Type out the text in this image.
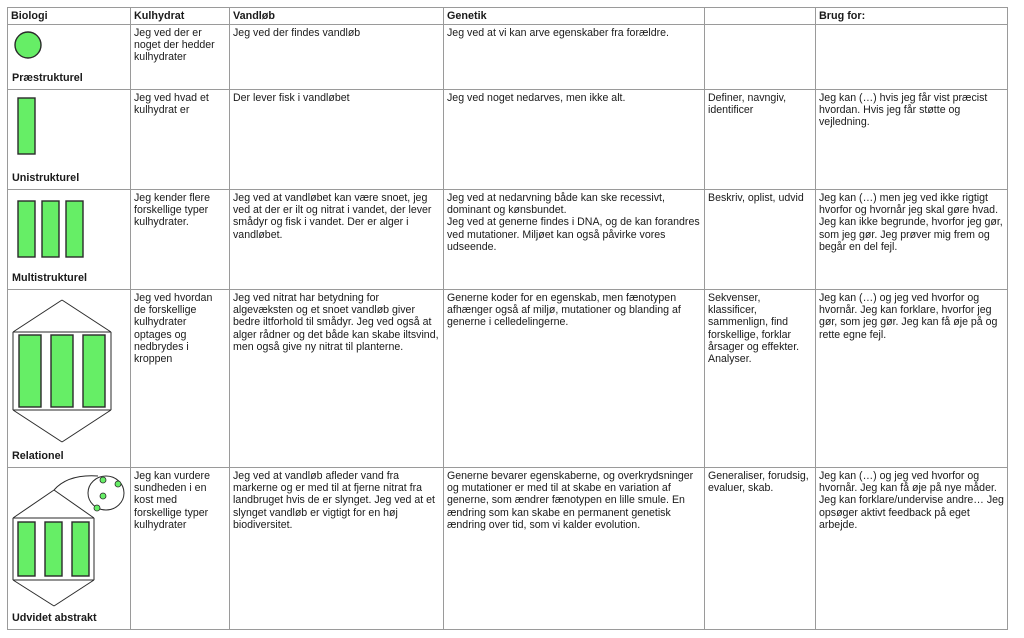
Biologi	Kulhydrat	Vandløb	Genetik		Brug for:

Præstrukturel	Jeg ved der er noget der hedder kulhydrater	Jeg ved der findes vandløb	Jeg ved at vi kan arve egenskaber fra forældre.		

Unistrukturel	Jeg ved hvad et kulhydrat er	Der lever fisk i vandløbet	Jeg ved noget nedarves, men ikke alt.	Definer, navngiv, identificer	Jeg kan (…) hvis jeg får vist præcist hvordan. Hvis jeg får støtte og vejledning.

Multistrukturel	Jeg kender flere forskellige typer kulhydrater.	Jeg ved at vandløbet kan være snoet, jeg ved at der er ilt og nitrat i vandet, der lever smådyr og fisk i vandet. Der er alger i vandløbet.	Jeg ved at nedarvning både kan ske recessivt, dominant og kønsbundet.
Jeg ved at generne findes i DNA, og de kan forandres ved mutationer. Miljøet kan også påvirke vores udseende.	Beskriv, oplist, udvid	Jeg kan (…) men jeg ved ikke rigtigt hvorfor og hvornår jeg skal gøre hvad. Jeg kan ikke begrunde, hvorfor jeg gør, som jeg gør. Jeg prøver mig frem og begår en del fejl.

Relationel	Jeg ved hvordan de forskellige kulhydrater optages og nedbrydes i kroppen	Jeg ved nitrat har betydning for algevæksten og et snoet vandløb giver bedre iltforhold til smådyr. Jeg ved også at alger rådner og det både kan skabe iltsvind, men også give ny nitrat til planterne.	Generne koder for en egenskab, men fænotypen afhænger også af miljø, mutationer og blanding af generne i celledelingerne.	Sekvenser, klassificer, sammenlign, find forskellige, forklar årsager og effekter. Analyser.	Jeg kan (…) og jeg ved hvorfor og hvornår. Jeg kan forklare, hvorfor jeg gør, som jeg gør. Jeg kan få øje på og rette egne fejl.

Udvidet abstrakt	Jeg kan vurdere sundheden i en kost med forskellige typer kulhydrater	Jeg ved at vandløb afleder vand fra markerne og er med til at fjerne nitrat fra landbruget hvis de er slynget. Jeg ved at et slynget vandløb er vigtigt for en høj biodiversitet.	Generne bevarer egenskaberne, og overkrydsninger og mutationer er med til at skabe en variation af generne, som ændrer fænotypen en lille smule. En ændring som kan skabe en permanent genetisk ændring over tid, som vi kalder evolution.	Generaliser, forudsig, evaluer, skab.	Jeg kan (…) og jeg ved hvorfor og hvornår. Jeg kan få øje på nye måder. Jeg kan forklare/undervise andre… Jeg opsøger aktivt feedback på eget arbejde.
